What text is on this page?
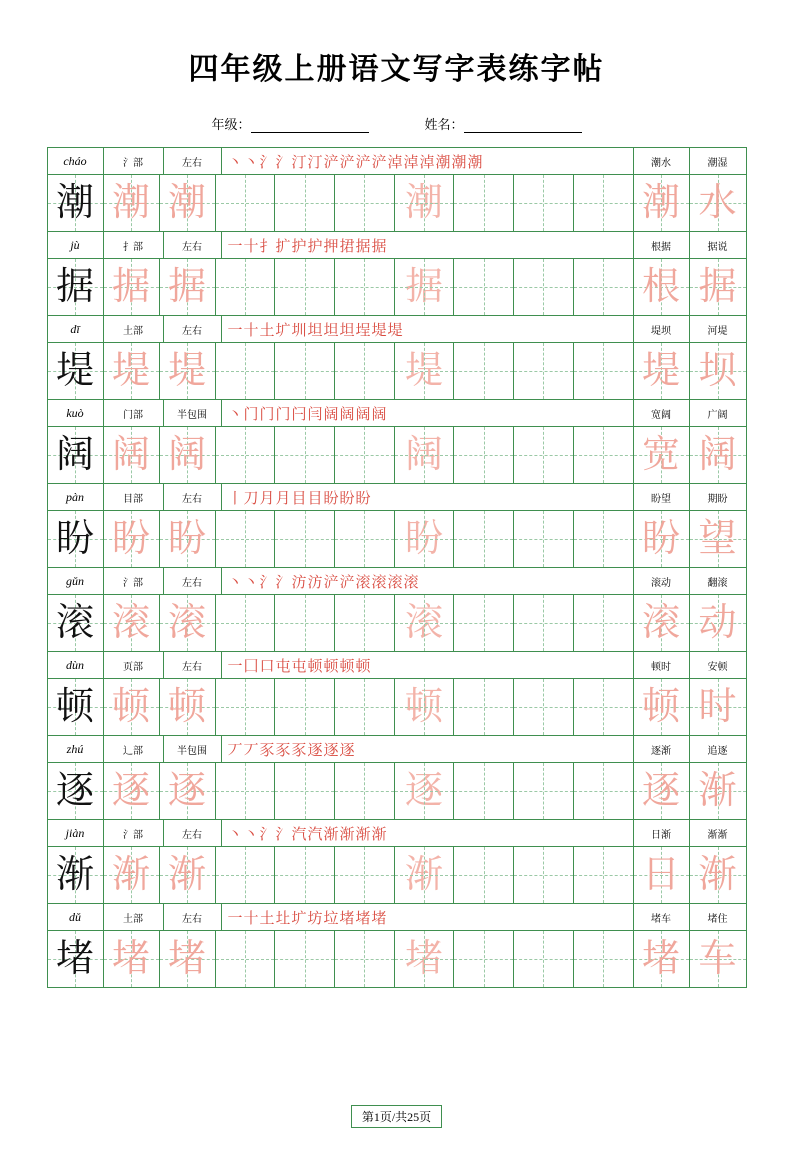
四年级上册语文写字表练字帖
年级：	姓名：
cháo	氵部	左右	丶丶氵氵汀汀浐浐浐浐淖淖淖潮潮潮	潮水	潮湿
潮 潮 潮	潮	潮 水
jù	扌部	左右	一十扌扩护护押捃据据	根据	据说
据 据 据	据	根 据
dī	土部	左右	一十土圹圳坦坦坦埕堤堤	堤坝	河堤
堤 堤 堤	堤	堤 坝
kuò	门部	半包围	丶门门门闩闫阔阔阔阔	宽阔	广阔
阔 阔 阔	阔	宽 阔
pàn	目部	左右	丨刀月月目目盼盼盼	盼望	期盼
盼 盼 盼	盼	盼 望
gǔn	氵部	左右	丶丶氵氵汸汸浐浐滚滚滚滚	滚动	翻滚
滚 滚 滚	滚	滚 动
dùn	页部	左右	一囗口屯屯顿顿顿顿	顿时	安顿
顿 顿 顿	顿	顿 时
zhú	辶部	半包围	丆丆豕豕豕逐逐逐	逐渐	追逐
逐 逐 逐	逐	逐 渐
jiàn	氵部	左右	丶丶氵氵汽汽渐渐渐渐	日渐	渐渐
渐 渐 渐	渐	日 渐
dǔ	土部	左右	一十土圵圹坊垃堵堵堵	堵车	堵住
堵 堵 堵	堵	堵 车
第1页/共25页
